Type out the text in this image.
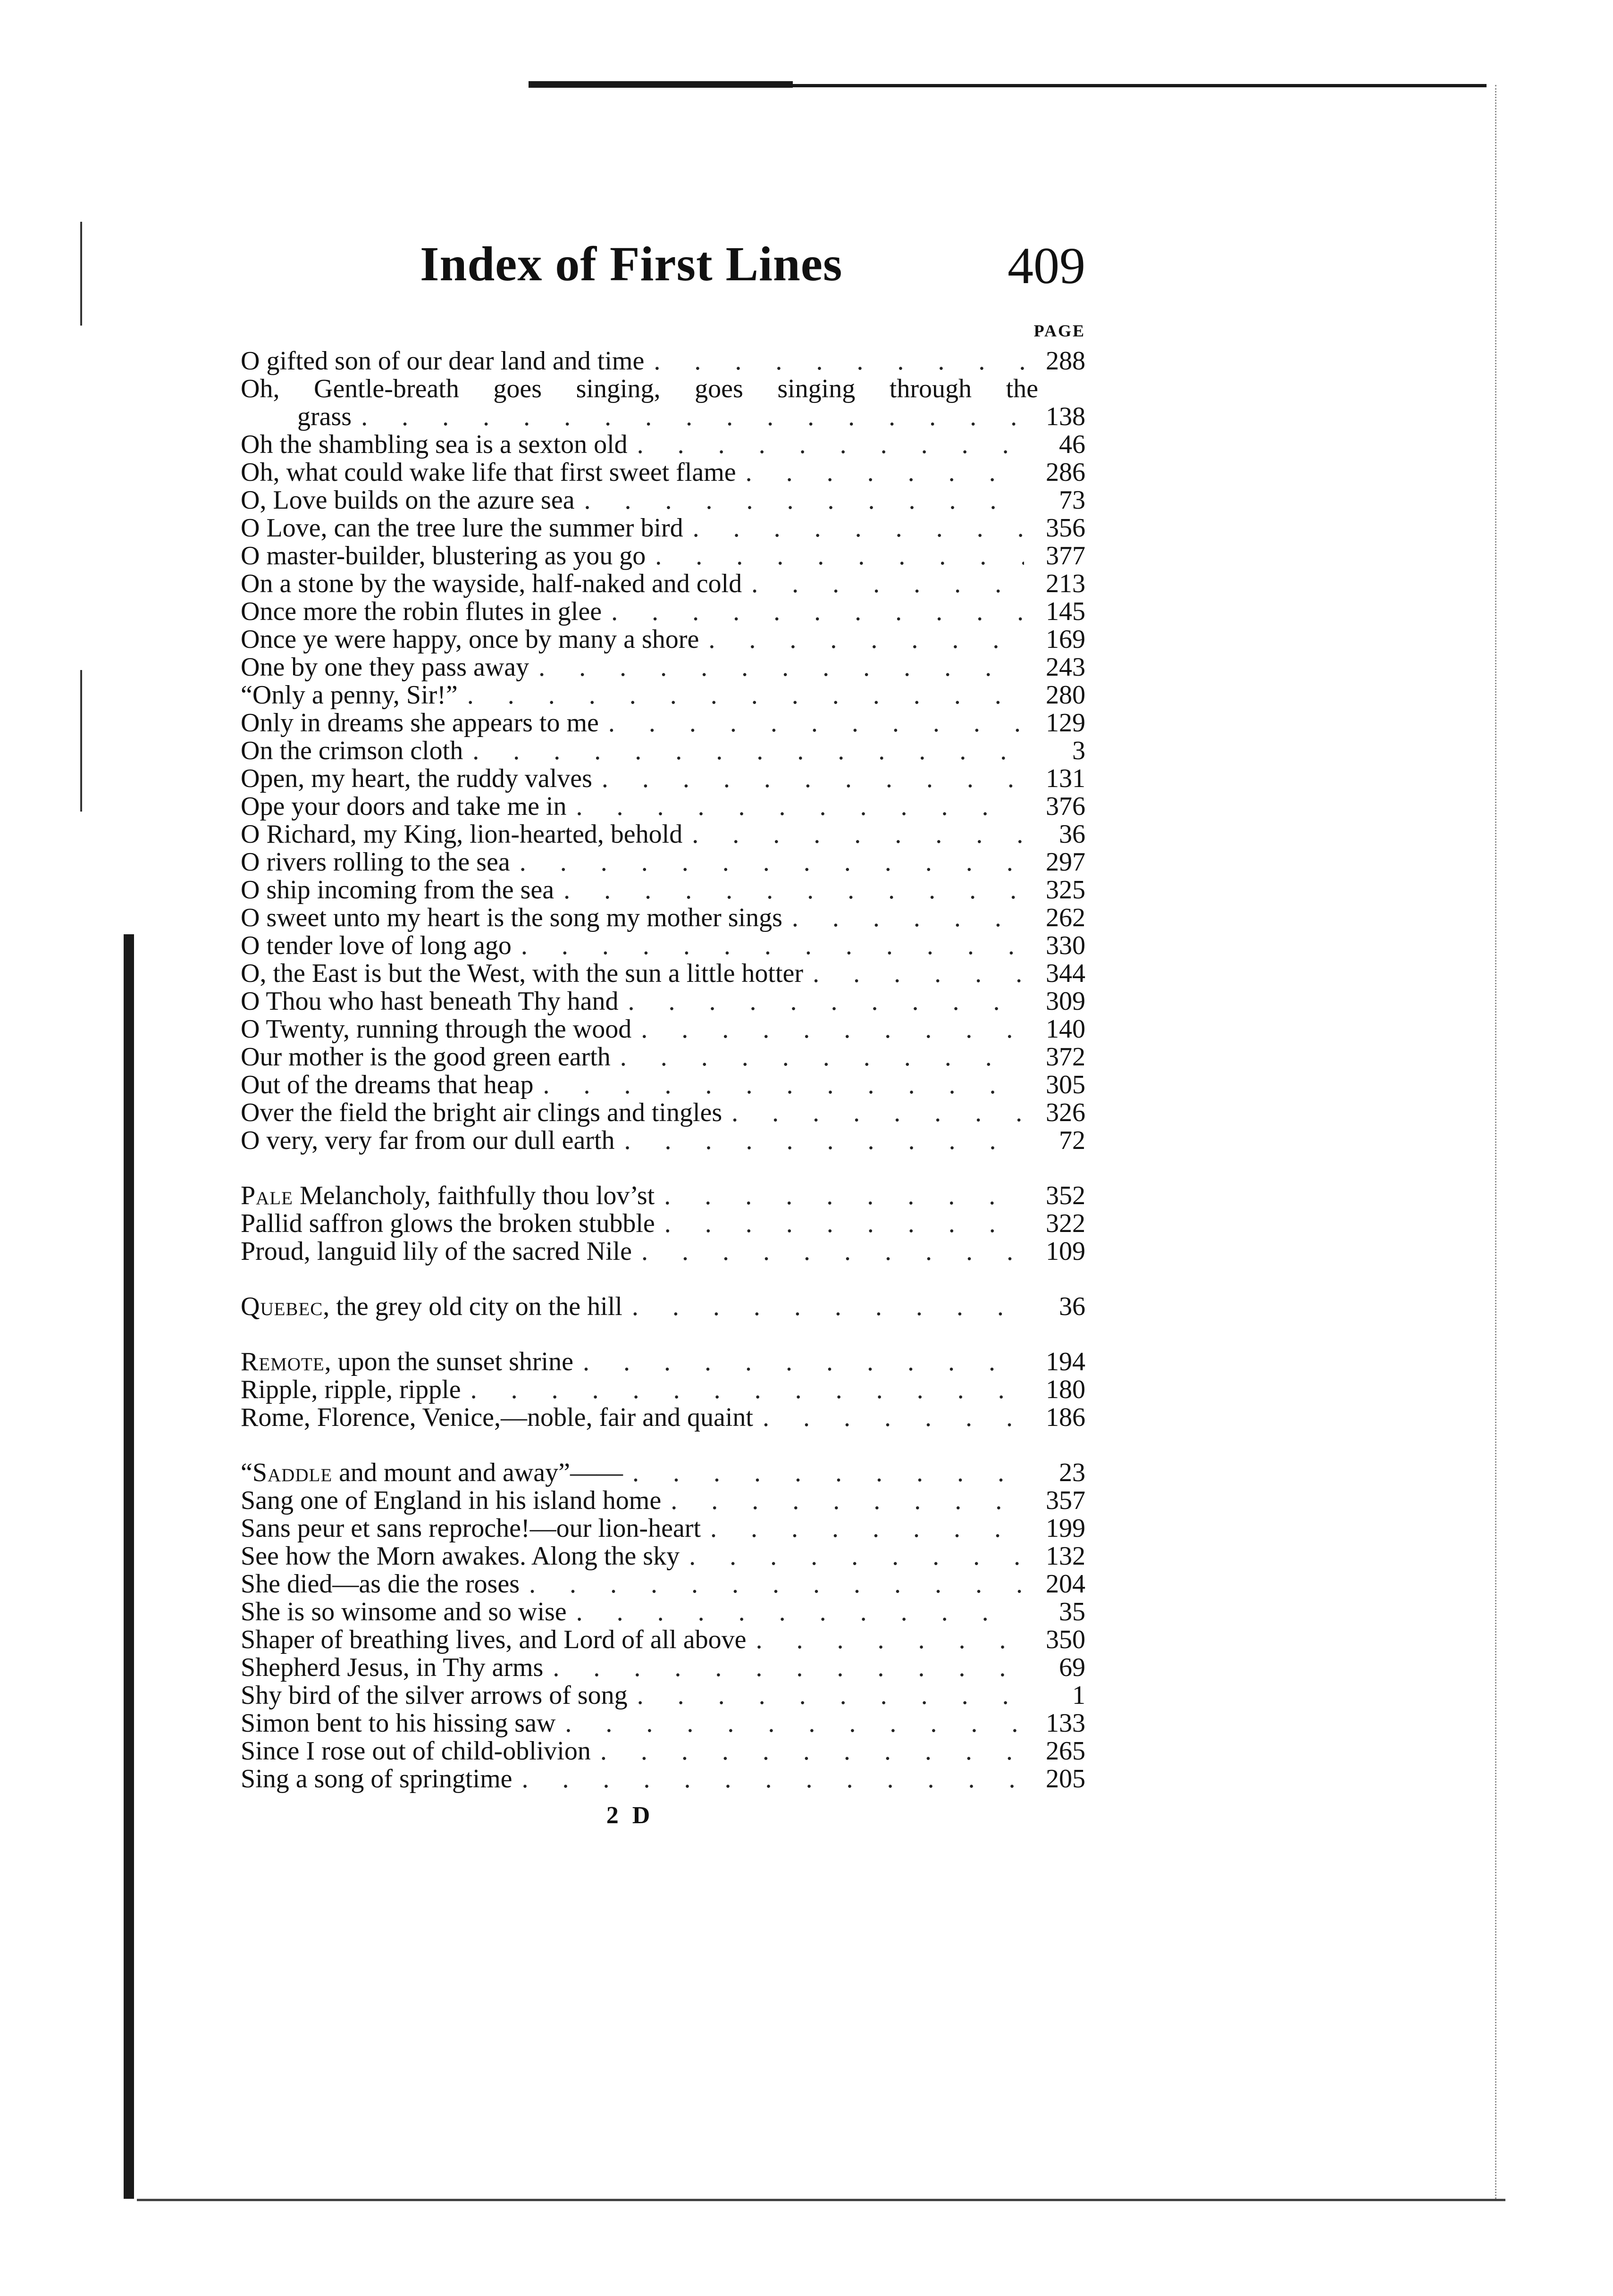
Index of First Lines	409
PAGE
O gifted son of our dear land and time . . .	288
Oh, Gentle-breath goes singing, goes singing through the
grass . . .	138
Oh the shambling sea is a sexton old . . .	46
Oh, what could wake life that first sweet flame . . .	286
O, Love builds on the azure sea . . .	73
O Love, can the tree lure the summer bird . . .	356
O master-builder, blustering as you go . . .	377
On a stone by the wayside, half-naked and cold . . .	213
Once more the robin flutes in glee . . .	145
Once ye were happy, once by many a shore . . .	169
One by one they pass away . . .	243
“Only a penny, Sir!” . . .	280
Only in dreams she appears to me . . .	129
On the crimson cloth . . .	3
Open, my heart, the ruddy valves . . .	131
Ope your doors and take me in . . .	376
O Richard, my King, lion-hearted, behold . . .	36
O rivers rolling to the sea . . .	297
O ship incoming from the sea . . .	325
O sweet unto my heart is the song my mother sings . . .	262
O tender love of long ago . . .	330
O, the East is but the West, with the sun a little hotter . . .	344
O Thou who hast beneath Thy hand . . .	309
O Twenty, running through the wood . . .	140
Our mother is the good green earth . . .	372
Out of the dreams that heap . . .	305
Over the field the bright air clings and tingles . . .	326
O very, very far from our dull earth . . .	72
Pale Melancholy, faithfully thou lov’st . . .	352
Pallid saffron glows the broken stubble . . .	322
Proud, languid lily of the sacred Nile . . .	109
Quebec, the grey old city on the hill . . .	36
Remote, upon the sunset shrine . . .	194
Ripple, ripple, ripple . . .	180
Rome, Florence, Venice,—noble, fair and quaint . . .	186
“Saddle and mount and away”—— . . .	23
Sang one of England in his island home . . .	357
Sans peur et sans reproche!—our lion-heart . . .	199
See how the Morn awakes. Along the sky . . .	132
She died—as die the roses . . .	204
She is so winsome and so wise . . .	35
Shaper of breathing lives, and Lord of all above . . .	350
Shepherd Jesus, in Thy arms . . .	69
Shy bird of the silver arrows of song . . .	1
Simon bent to his hissing saw . . .	133
Since I rose out of child-oblivion . . .	265
Sing a song of springtime . . .	205
2 D
